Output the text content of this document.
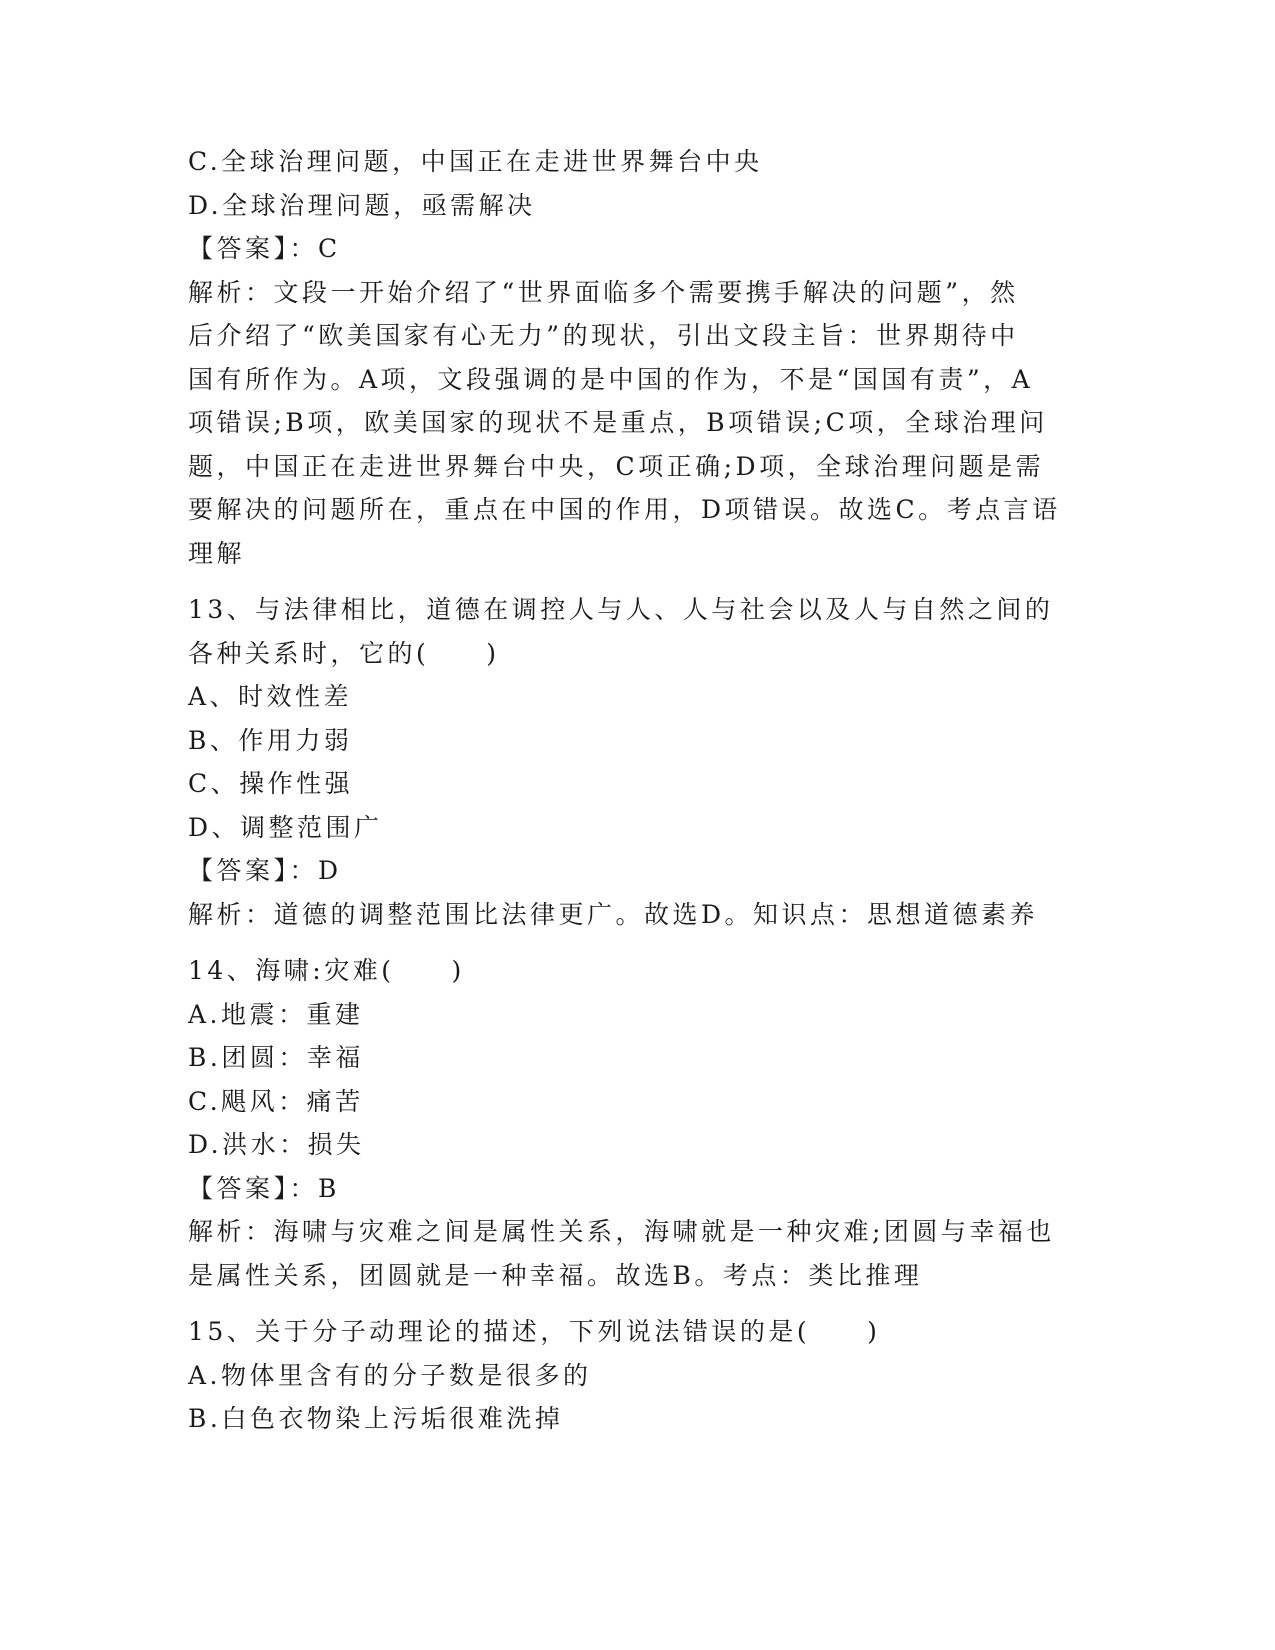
C.全球治理问题，中国正在走进世界舞台中央
D.全球治理问题，亟需解决
【答案】：C
解析：文段一开始介绍了“世界面临多个需要携手解决的问题”，然
后介绍了“欧美国家有心无力”的现状，引出文段主旨：世界期待中
国有所作为。A项，文段强调的是中国的作为，不是“国国有责”，A
项错误;B项，欧美国家的现状不是重点，B项错误;C项，全球治理问
题，中国正在走进世界舞台中央，C项正确;D项，全球治理问题是需
要解决的问题所在，重点在中国的作用，D项错误。故选C。考点言语
理解
13、与法律相比，道德在调控人与人、人与社会以及人与自然之间的
各种关系时，它的(　　)
A、时效性差
B、作用力弱
C、操作性强
D、调整范围广
【答案】：D
解析：道德的调整范围比法律更广。故选D。知识点：思想道德素养
14、海啸:灾难(　　)
A.地震：重建
B.团圆：幸福
C.飓风：痛苦
D.洪水：损失
【答案】：B
解析：海啸与灾难之间是属性关系，海啸就是一种灾难;团圆与幸福也
是属性关系，团圆就是一种幸福。故选B。考点：类比推理
15、关于分子动理论的描述，下列说法错误的是(　　)
A.物体里含有的分子数是很多的
B.白色衣物染上污垢很难洗掉
